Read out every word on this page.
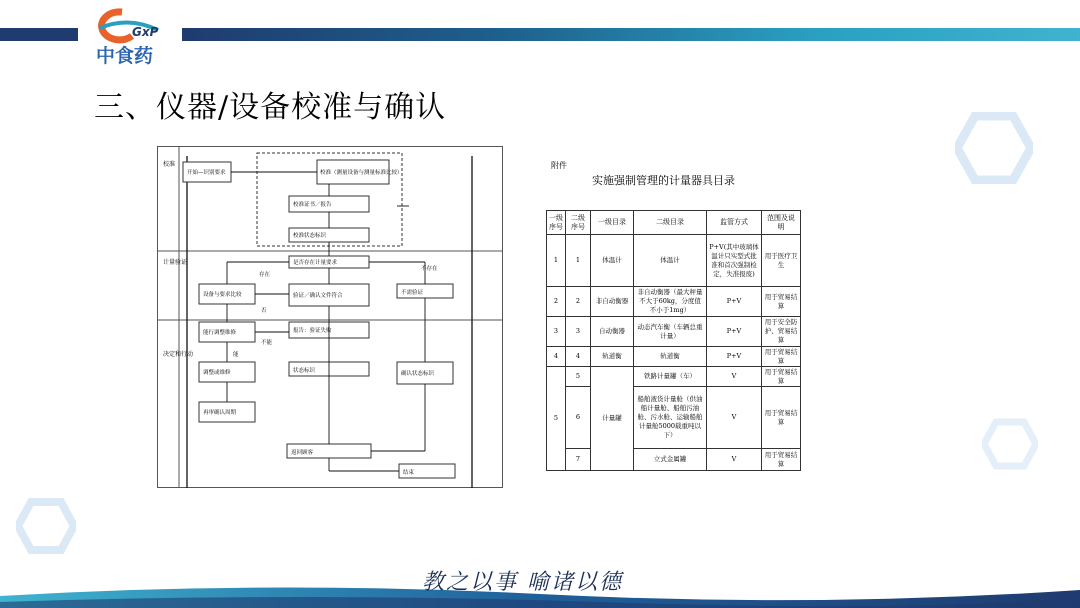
GxP
中食药
三、仪器/设备校准与确认
校准
计量验证
决定和行动
开始—识别要求	校准（测量设备与测量标准比较）
校准证书／报告
校准状态标识
是否存在计量要求
设备与要求比较	验证／确认文件符合	不需验证
能行调整维修	报告：验证失败
调整或维修	状态标识	确认状态标识
再审确认周期
返回顾客
结束
存在
不存在
否
不能
能
附件
实施强制管理的计量器具目录
一级序号	二级序号	一级目录	二级目录	监管方式	范围及说明
1	1	体温计	体温计	P+V(其中玻璃体温计只实型式批准和首次强制检定，失准报废)	用于医疗卫生
2	2	非自动衡器	非自动衡器（最大秤量不大于60kg，分度值不小于1mg）	P+V	用于贸易结算
3	3	自动衡器	动态汽车衡（车辆总重计量）	P+V	用于安全防护、贸易结算
4	4	轨道衡	轨道衡	P+V	用于贸易结算
5	5	计量罐	铁路计量罐（车）	V	用于贸易结算
	6		船舶液货计量舱（供油船计量舱、船舶污油舱、污水舱、运输船舶计量舱5000载重吨以下）	V	用于贸易结算
	7		立式金属罐	V	用于贸易结算
教之以事 喻诸以德
